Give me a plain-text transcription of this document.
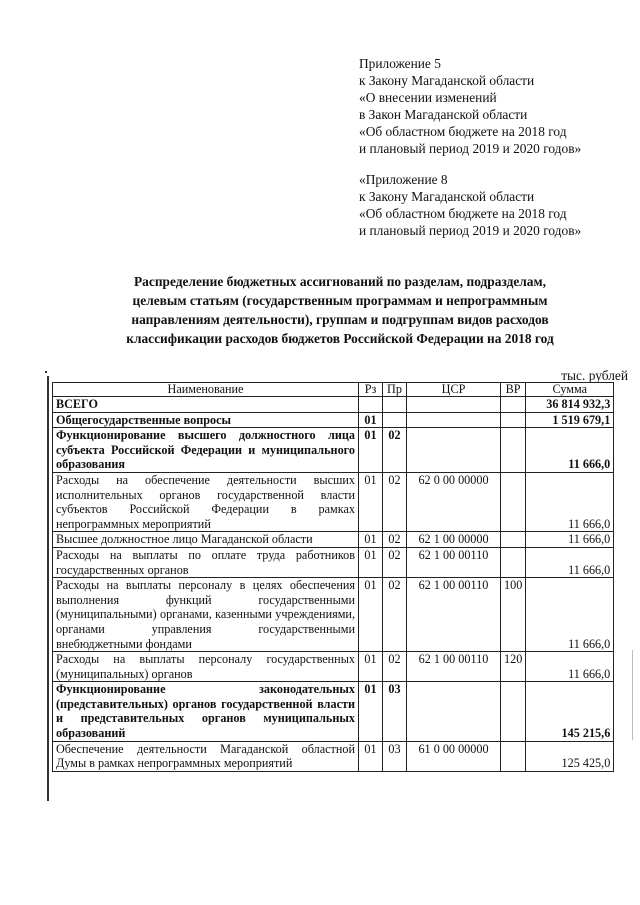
Приложение 5
к Закону Магаданской области
«О внесении изменений
в Закон Магаданской области
«Об областном бюджете на 2018 год
и плановый период 2019 и 2020 годов»
«Приложение 8
к Закону Магаданской области
«Об областном бюджете на 2018 год
и плановый период 2019 и 2020 годов»
Распределение бюджетных ассигнований по разделам, подразделам,
целевым статьям (государственным программам и непрограммным
направлениям деятельности), группам и подгруппам видов расходов
классификации расходов бюджетов Российской Федерации на 2018 год
тыс. рублей
Наименование	Рз	Пр	ЦСР	ВР	Сумма
ВСЕГО					36 814 932,3
Общегосударственные вопросы	01				1 519 679,1
Функционирование высшего должностного лица субъекта Российской Федерации и муниципального образования	01	02			11 666,0
Расходы на обеспечение деятельности высших исполнительных органов государственной власти субъектов Российской Федерации в рамках непрограммных мероприятий	01	02	62 0 00 00000		11 666,0
Высшее должностное лицо Магаданской области	01	02	62 1 00 00000		11 666,0
Расходы на выплаты по оплате труда работников государственных органов	01	02	62 1 00 00110		11 666,0
Расходы на выплаты персоналу в целях обеспечения выполнения функций государственными (муниципальными) органами, казенными учреждениями, органами управления государственными внебюджетными фондами	01	02	62 1 00 00110	100	11 666,0
Расходы на выплаты персоналу государственных (муниципальных) органов	01	02	62 1 00 00110	120	11 666,0
Функционирование законодательных (представительных) органов государственной власти и представительных органов муниципальных образований	01	03			145 215,6
Обеспечение деятельности Магаданской областной Думы в рамках непрограммных мероприятий	01	03	61 0 00 00000		125 425,0
